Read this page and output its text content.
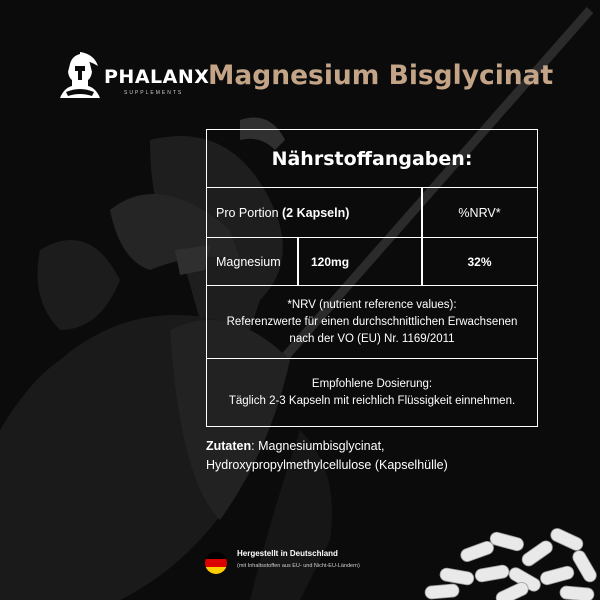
PHALANX
SUPPLEMENTS
Magnesium Bisglycinat
Nährstoffangaben:
Pro Portion (2 Kapseln)	%NRV*
Magnesium	120mg	32%
*NRV (nutrient reference values):
Referenzwerte für einen durchschnittlichen Erwachsenen
nach der VO (EU) Nr. 1169/2011
Empfohlene Dosierung:
Täglich 2-3 Kapseln mit reichlich Flüssigkeit einnehmen.
Zutaten: Magnesiumbisglycinat,
Hydroxypropylmethylcellulose (Kapselhülle)
Hergestellt in Deutschland
(mit Inhaltsstoffen aus EU- und Nicht-EU-Ländern)
